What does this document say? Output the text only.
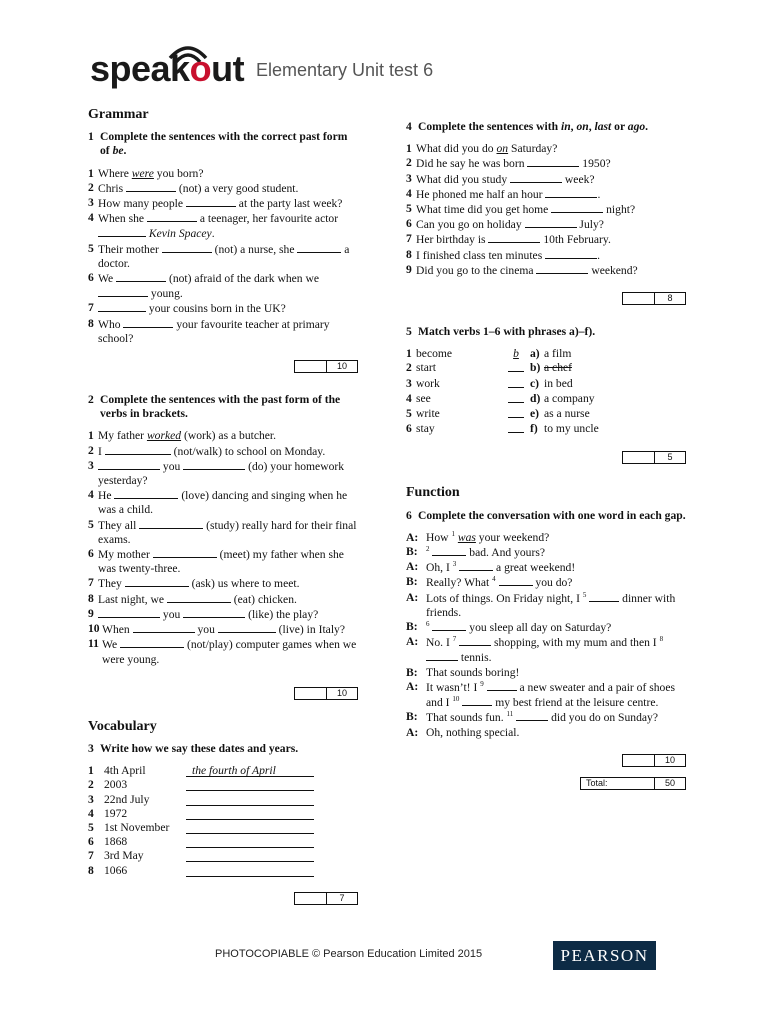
speakout Elementary Unit test 6
Grammar
1 Complete the sentences with the correct past form of be.
1 Where were you born?
2 Chris	(not) a very good student.
3 How many people	at the party last week?
4 When she	a teenager, her favourite actor  Kevin Spacey.
5 Their mother	(not) a nurse, she	a doctor.
6 We	(not) afraid of the dark when we  young.
7	your cousins born in the UK?
8 Who	your favourite teacher at primary school?
10
2 Complete the sentences with the past form of the verbs in brackets.
1 My father worked (work) as a butcher.
2 I	(not/walk) to school on Monday.
3	you	(do) your homework yesterday?
4 He	(love) dancing and singing when he was a child.
5 They all	(study) really hard for their final exams.
6 My mother	(meet) my father when she was twenty-three.
7 They	(ask) us where to meet.
8 Last night, we	(eat) chicken.
9	you	(like) the play?
10 When	you	(live) in Italy?
11 We	(not/play) computer games when we were young.
10
Vocabulary
3 Write how we say these dates and years.
1 4th April	the fourth of April
2 2003
3 22nd July
4 1972
5 1st November
6 1868
7 3rd May
8 1066
7
4 Complete the sentences with in, on, last or ago.
1 What did you do on Saturday?
2 Did he say he was born	1950?
3 What did you study	week?
4 He phoned me half an hour	.
5 What time did you get home	night?
6 Can you go on holiday	July?
7 Her birthday is	10th February.
8 I finished class ten minutes	.
9 Did you go to the cinema	weekend?
8
5 Match verbs 1–6 with phrases a)–f).
1 become	b a) a film
2 start	b) a chef
3 work	c) in bed
4 see	d) a company
5 write	e) as a nurse
6 stay	f) to my uncle
5
Function
6 Complete the conversation with one word in each gap.
A: How $^1$ was your weekend?
B:	$^2$	bad. And yours?
A: Oh, I $^3$	a great weekend!
B: Really? What $^4$	you do?
A: Lots of things. On Friday night, I $^5$	dinner with friends.
B:	$^6$	you sleep all day on Saturday?
A: No. I $^7$	shopping, with my mum and then I $^8$  tennis.
B: That sounds boring!
A: It wasn’t! I $^9$	a new sweater and a pair of shoes and I $^{10}$	my best friend at the leisure centre.
B: That sounds fun. $^{11}$	did you do on Sunday?
A: Oh, nothing special.
10
Total:	50
PHOTOCOPIABLE © Pearson Education Limited 2015	PEARSON
